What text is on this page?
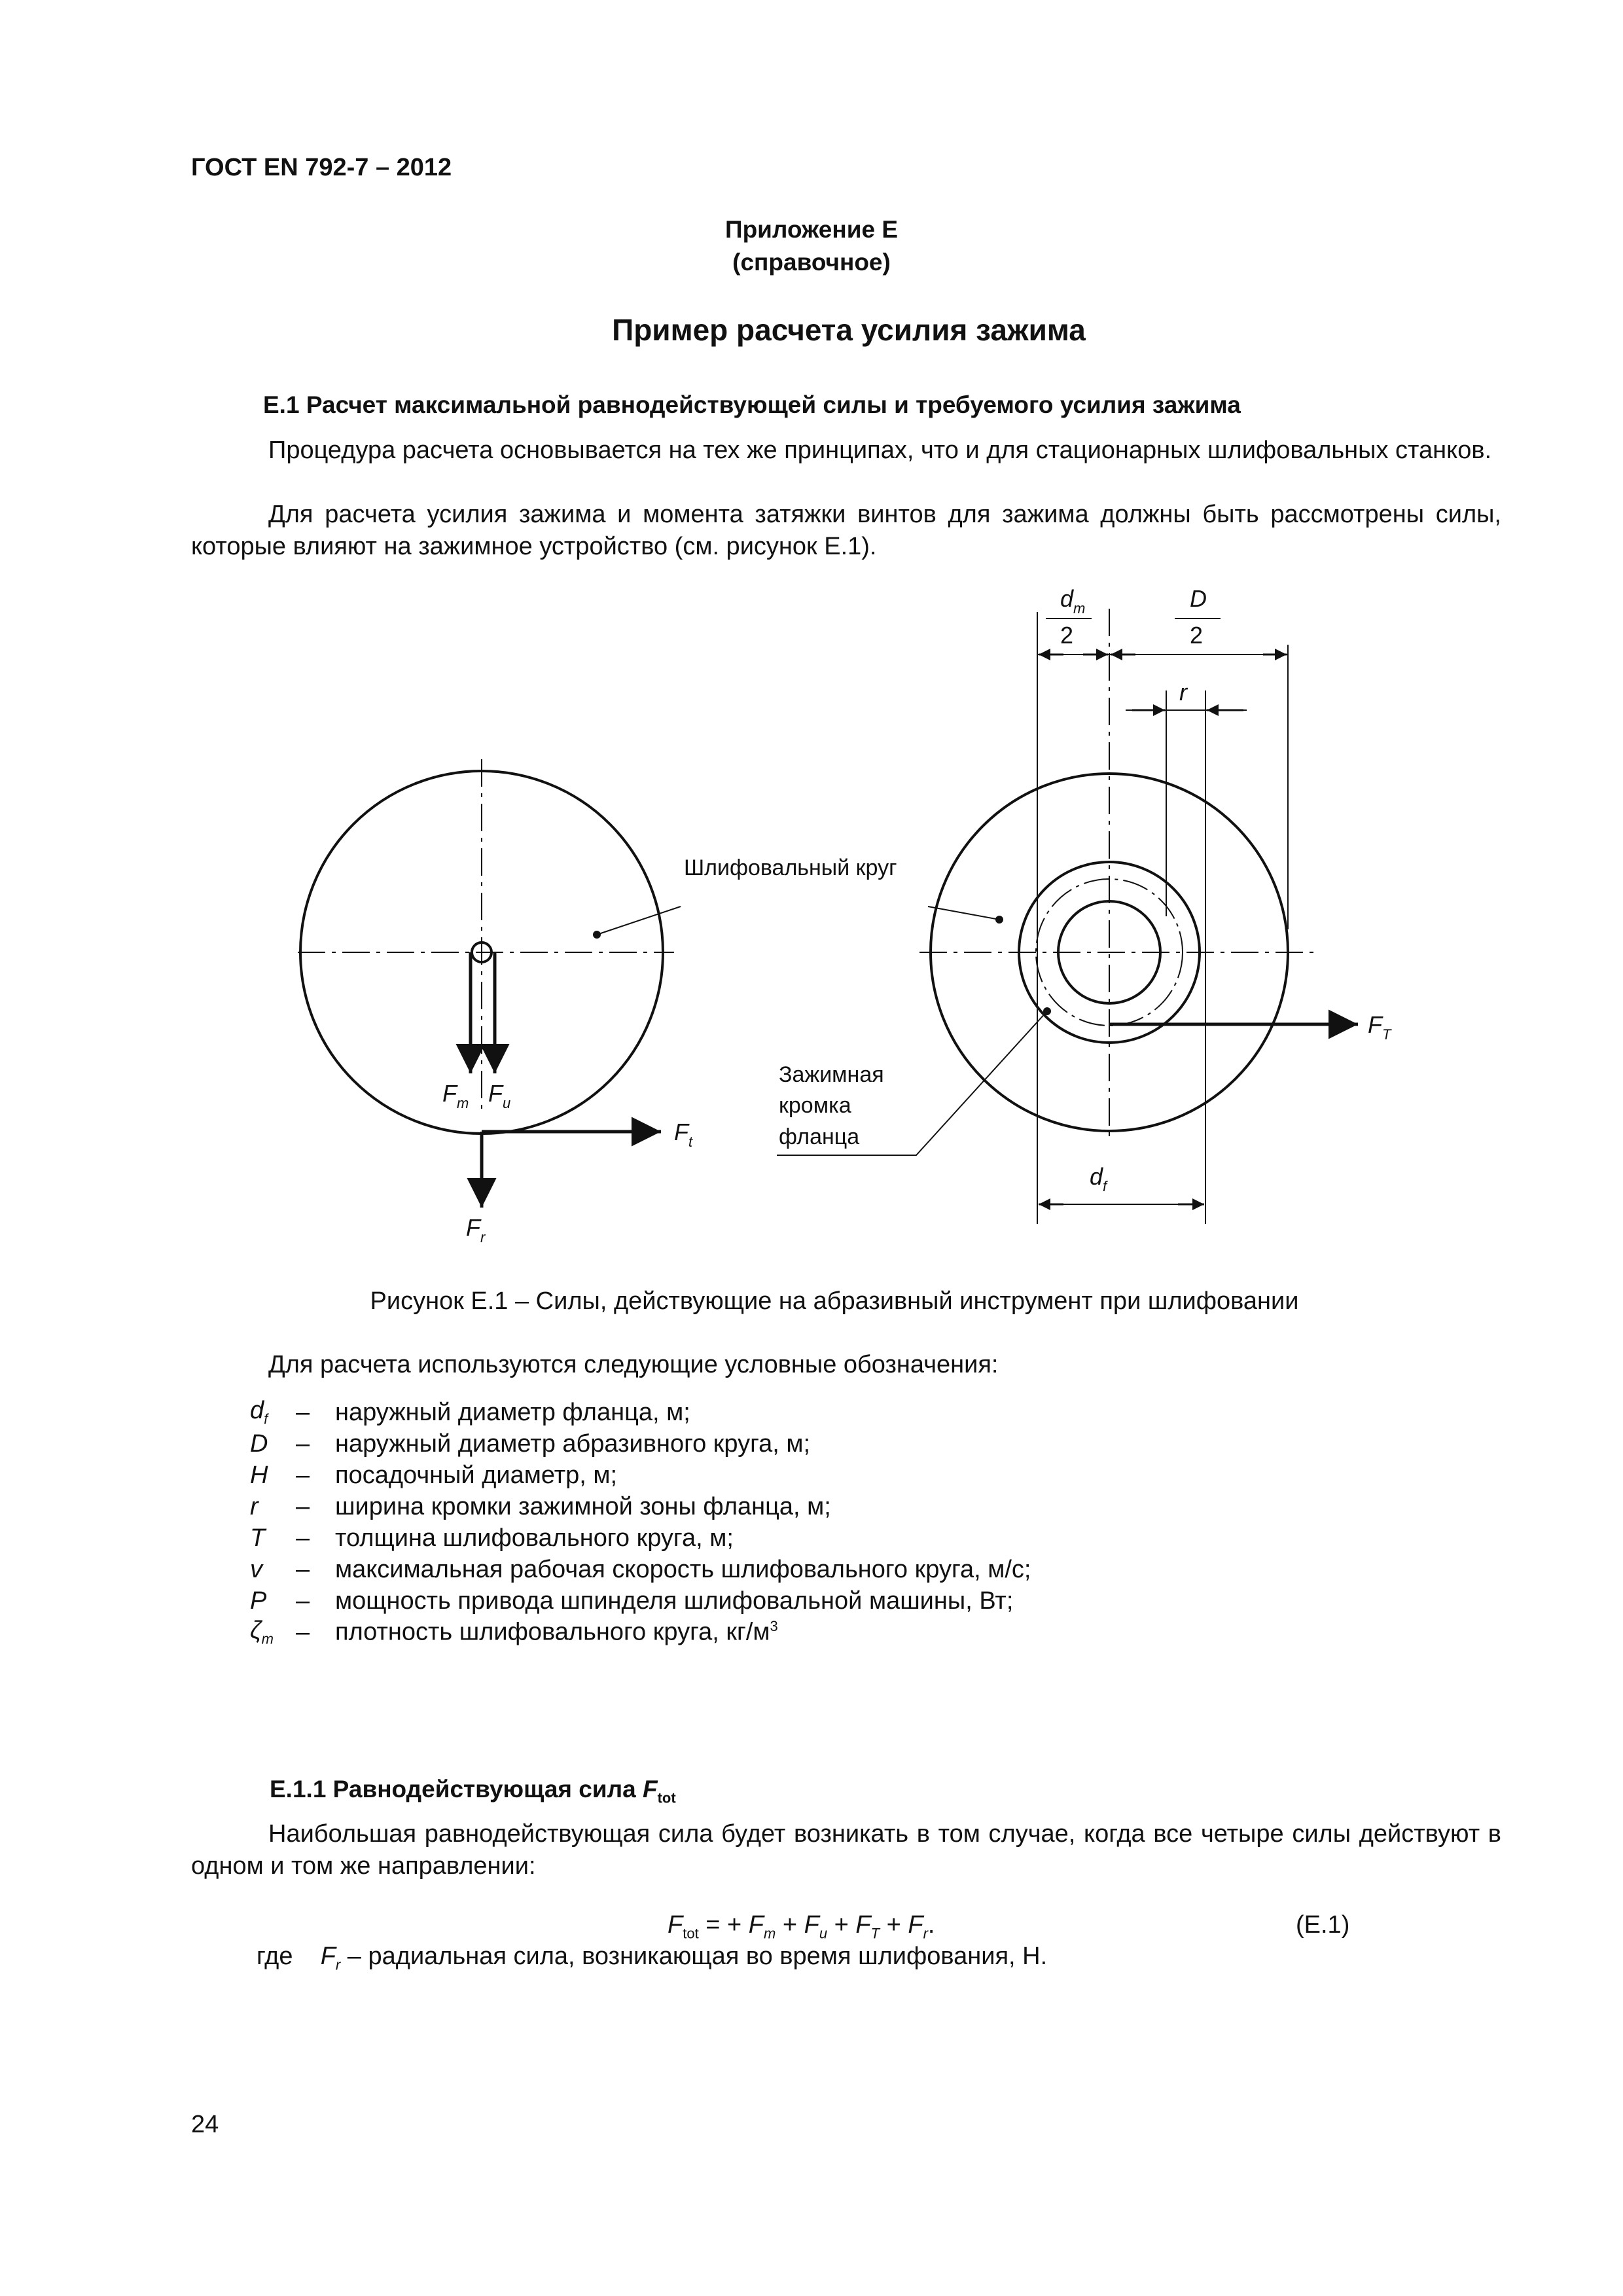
ГОСТ EN 792-7 – 2012
Приложение Е
(справочное)
Пример расчета усилия зажима
Е.1 Расчет максимальной равнодействующей силы и требуемого усилия зажима
Процедура расчета основывается на тех же принципах, что и для стационарных шлифовальных станков.
Для расчета усилия зажима и момента затяжки винтов для зажима должны быть рассмотрены силы, которые влияют на зажимное устройство (см. рисунок Е.1).
Шлифовальный круг
Зажимная
кромка
фланца
$F_m$ $F_u$
$F_t$
$F_r$
$F_T$
$d_m$	D
r
$d_f$
2	2
Рисунок Е.1 – Силы, действующие на абразивный инструмент при шлифовании
Для расчета используются следующие условные обозначения:
$d_f$	–	наружный диаметр фланца, м;
D	–	наружный диаметр абразивного круга, м;
H	–	посадочный диаметр, м;
r	–	ширина кромки зажимной зоны фланца, м;
T	–	толщина шлифовального круга, м;
v	–	максимальная рабочая скорость шлифовального круга, м/с;
P	–	мощность привода шпинделя шлифовальной машины, Вт;
$\zeta_m$ –	плотность шлифовального круга, $кг/м^3$
Е.1.1 Равнодействующая сила $F_{tot}$
Наибольшая равнодействующая сила будет возникать в том случае, когда все четыре силы действуют в одном и том же направлении:
$F_{tot}$ = + $F_m + F_u + F_T + F_r$.	(Е.1)
где $F_r$ – радиальная сила, возникающая во время шлифования, Н.
24
